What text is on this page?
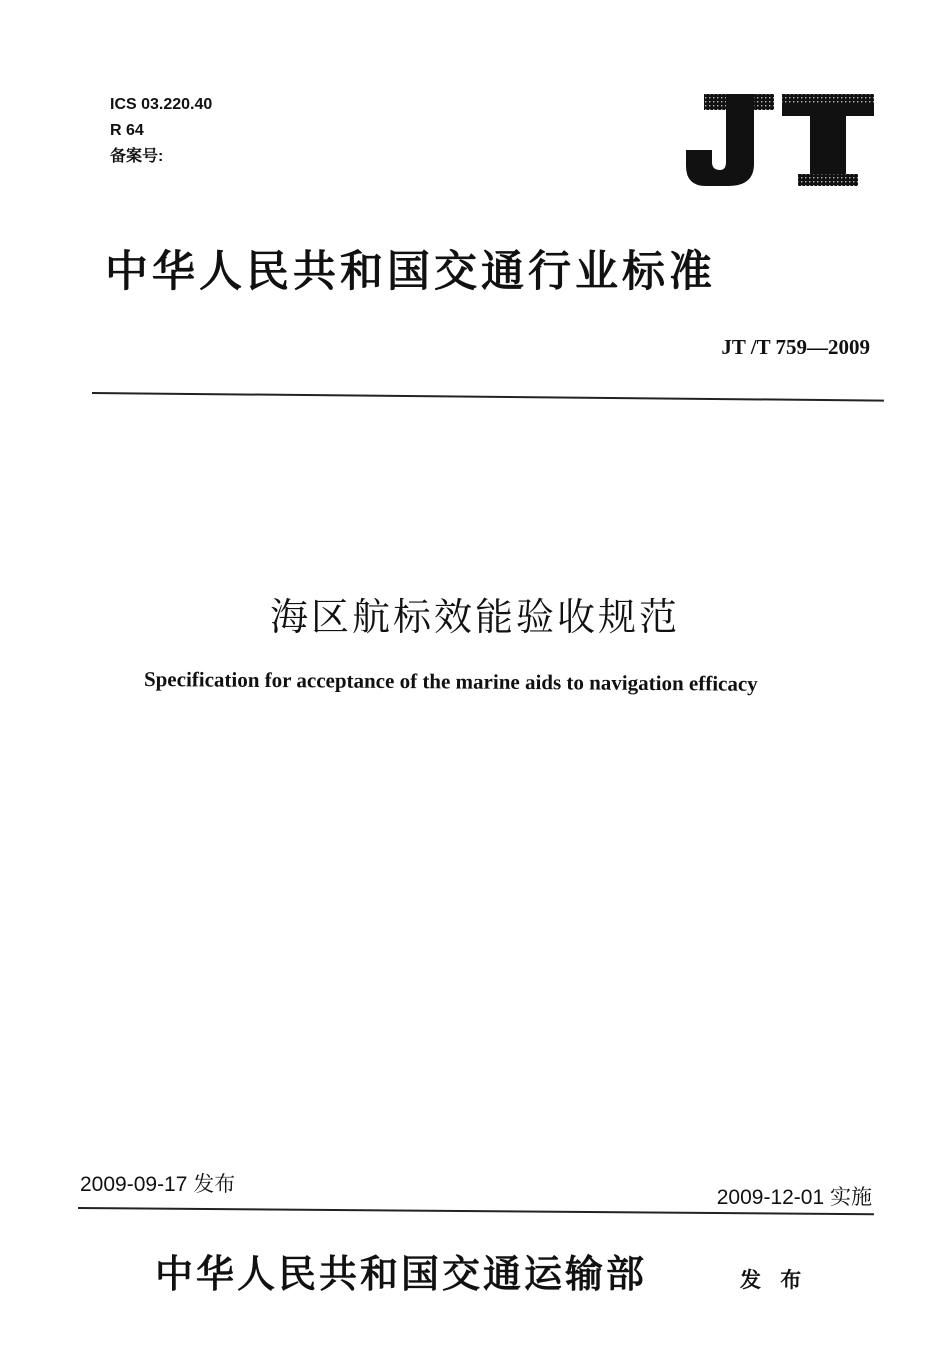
ICS 03.220.40
R 64
备案号:
中华人民共和国交通行业标准
JT /T 759—2009
海区航标效能验收规范
Specification for acceptance of the marine aids to navigation efficacy
2009-09-17 发布
2009-12-01 实施
中华人民共和国交通运输部	发 布
